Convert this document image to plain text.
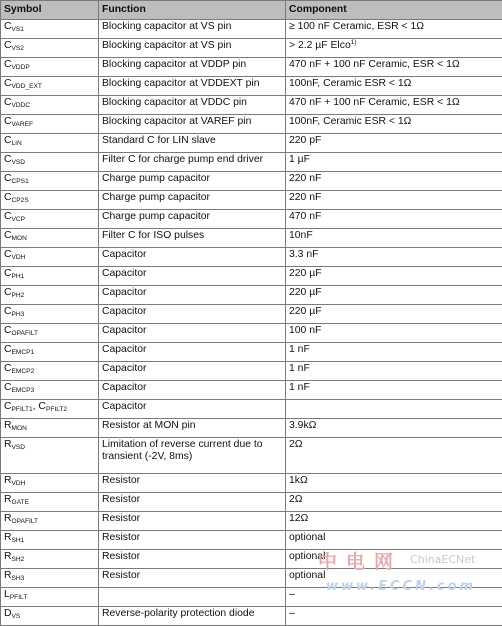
Symbol	Function	Component
$C_{VS1}$	Blocking capacitor at VS pin	≥ 100 nF Ceramic, ESR < 1Ω
$C_{VS2}$	Blocking capacitor at VS pin	> 2.2 µF Elco$^{1)}$
$C_{VDDP}$	Blocking capacitor at VDDP pin	470 nF + 100 nF Ceramic, ESR < 1Ω
$C_{VDD\_EXT}$	Blocking capacitor at VDDEXT pin	100nF, Ceramic ESR < 1Ω
$C_{VDDC}$	Blocking capacitor at VDDC pin	470 nF + 100 nF Ceramic, ESR < 1Ω
$C_{VAREF}$	Blocking capacitor at VAREF pin	100nF, Ceramic ESR < 1Ω
$C_{LIN}$	Standard C for LIN slave	220 pF
$C_{VSD}$	Filter C for charge pump end driver	1 µF
$C_{CPS1}$	Charge pump capacitor	220 nF
$C_{CP2S}$	Charge pump capacitor	220 nF
$C_{VCP}$	Charge pump capacitor	470 nF
$C_{MON}$	Filter C for ISO pulses	10nF
$C_{VDH}$	Capacitor	3.3 nF
$C_{PH1}$	Capacitor	220 µF
$C_{PH2}$	Capacitor	220 µF
$C_{PH3}$	Capacitor	220 µF
$C_{OPAFILT}$	Capacitor	100 nF
$C_{EMCP1}$	Capacitor	1 nF
$C_{EMCP2}$	Capacitor	1 nF
$C_{EMCP3}$	Capacitor	1 nF
$C_{PFILT1}$, $C_{PFILT2}$	Capacitor	
$R_{MON}$	Resistor at MON pin	3.9kΩ
$R_{VSD}$	Limitation of reverse current due to transient (-2V, 8ms)	2Ω
$R_{VDH}$	Resistor	1kΩ
$R_{GATE}$	Resistor	2Ω
$R_{OPAFILT}$	Resistor	12Ω
$R_{SH1}$	Resistor	optional
$R_{SH2}$	Resistor	optional
$R_{SH3}$	Resistor	optional
$L_{PFILT}$		–
$D_{VS}$	Reverse-polarity protection diode	–
中电网 ChinaECNet
www.ECCN.com
